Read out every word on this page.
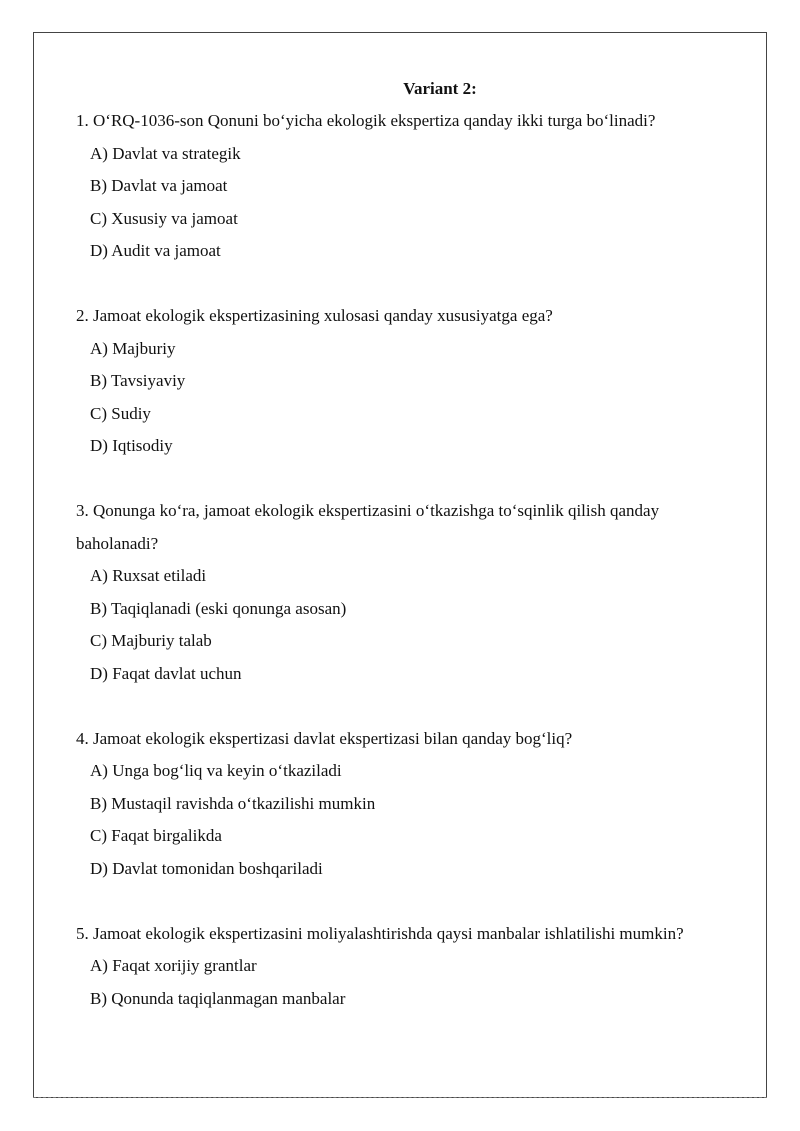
Variant 2:

1. O‘RQ-1036-son Qonuni bo‘yicha ekologik ekspertiza qanday ikki turga bo‘linadi?

A) Davlat va strategik

B) Davlat va jamoat

C) Xususiy va jamoat

D) Audit va jamoat

2. Jamoat ekologik ekspertizasining xulosasi qanday xususiyatga ega?

A) Majburiy

B) Tavsiyaviy

C) Sudiy

D) Iqtisodiy

3. Qonunga ko‘ra, jamoat ekologik ekspertizasini o‘tkazishga to‘sqinlik qilish qanday baholanadi?

A) Ruxsat etiladi

B) Taqiqlanadi (eski qonunga asosan)

C) Majburiy talab

D) Faqat davlat uchun

4. Jamoat ekologik ekspertizasi davlat ekspertizasi bilan qanday bog‘liq?

A) Unga bog‘liq va keyin o‘tkaziladi

B) Mustaqil ravishda o‘tkazilishi mumkin

C) Faqat birgalikda

D) Davlat tomonidan boshqariladi

5. Jamoat ekologik ekspertizasini moliyalashtirishda qaysi manbalar ishlatilishi mumkin?

A) Faqat xorijiy grantlar

B) Qonunda taqiqlanmagan manbalar
